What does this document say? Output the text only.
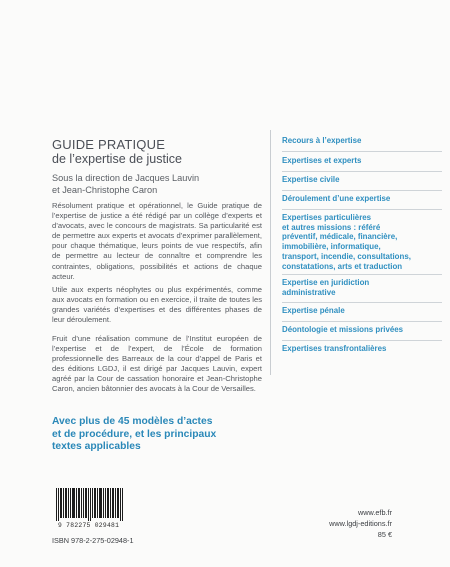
GUIDE PRATIQUE
de l’expertise de justice
Sous la direction de Jacques Lauvin
et Jean-Christophe Caron
Résolument pratique et opérationnel, le Guide pratique de l’expertise de justice a été rédigé par un collège d’experts et d’avocats, avec le concours de magistrats. Sa particularité est de permettre aux experts et avocats d’exprimer parallèlement, pour chaque thématique, leurs points de vue respectifs, afin de permettre au lecteur de connaître et comprendre les contraintes, obligations, possibilités et actions de chaque acteur.
Utile aux experts néophytes ou plus expérimentés, comme aux avocats en formation ou en exercice, il traite de toutes les grandes variétés d’expertises et des différentes phases de leur déroulement.
Fruit d’une réalisation commune de l’Institut européen de l’expertise et de l’expert, de l’École de formation professionnelle des Barreaux de la cour d’appel de Paris et des éditions LGDJ, il est dirigé par Jacques Lauvin, expert agréé par la Cour de cassation honoraire et Jean-Christophe Caron, ancien bâtonnier des avocats à la Cour de Versailles.
Avec plus de 45 modèles d’actes
et de procédure, et les principaux
textes applicables
Recours à l’expertise
Expertises et experts
Expertise civile
Déroulement d’une expertise
Expertises particulières
et autres missions : référé
préventif, médicale, financière,
immobilière, informatique,
transport, incendie, consultations,
constatations, arts et traduction
Expertise en juridiction
administrative
Expertise pénale
Déontologie et missions privées
Expertises transfrontalières
9 782275 029481
ISBN 978-2-275-02948-1
www.efb.fr
www.lgdj-editions.fr
85 €
